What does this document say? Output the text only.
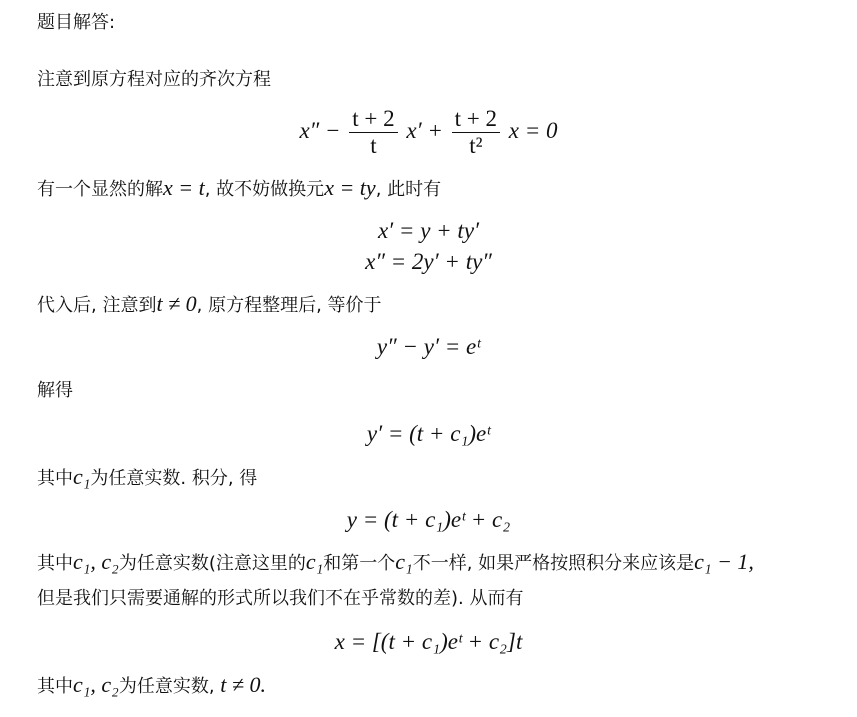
题目解答:
注意到原方程对应的齐次方程
$x'' - \frac{t + 2}{t} x' + \frac{t + 2}{\text{t²}}$ x = 0
有一个显然的解x = t, 故不妨做换元x = ty, 此时有
x′ = y + ty′
x″ = 2y′ + ty″
代入后, 注意到t ≠ 0, 原方程整理后, 等价于
y″ − y′ = eᵗ
解得
y′ = (t + c₁)eᵗ
其中c₁为任意实数. 积分, 得
y = (t + c₁)eᵗ + c₂
其中c₁, c₂为任意实数(注意这里的c₁和第一个c₁不一样, 如果严格按照积分来应该是c₁ − 1,
但是我们只需要通解的形式所以我们不在乎常数的差). 从而有
x = [(t + c₁)eᵗ + c₂]t
其中c₁, c₂为任意实数, t ≠ 0.
